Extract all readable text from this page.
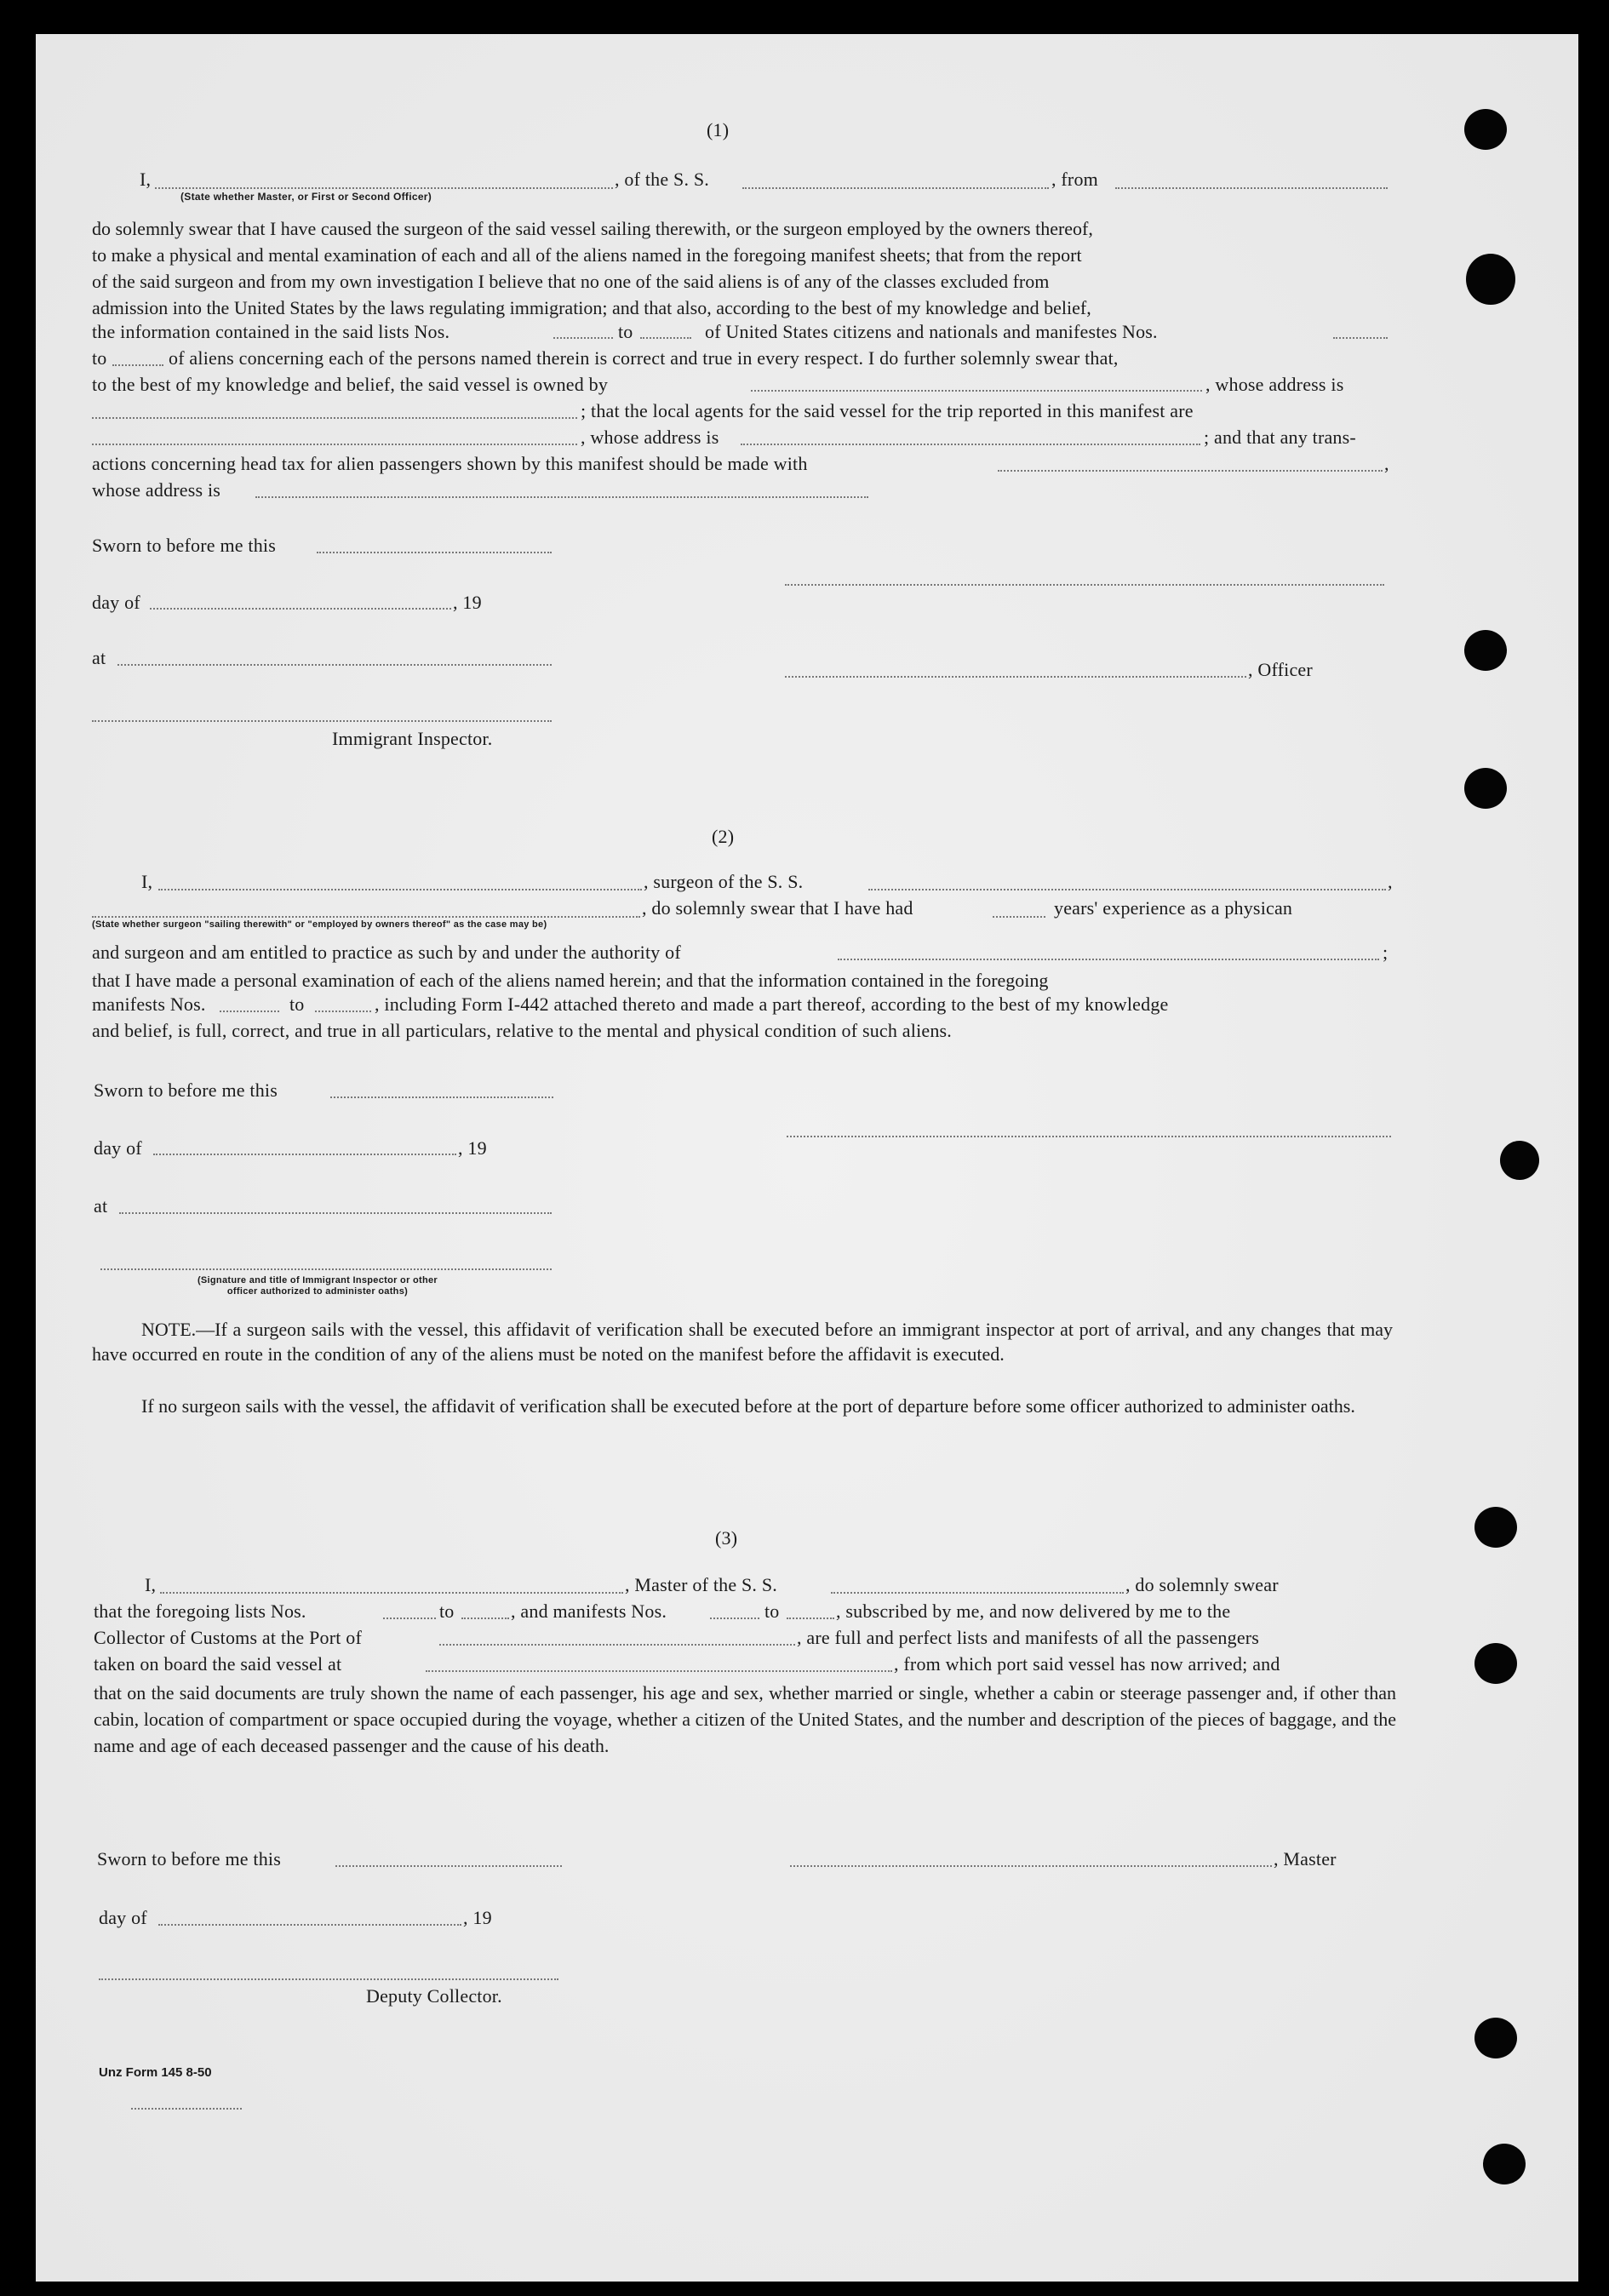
(1)
I,	, of the S. S.	, from
(State whether Master, or First or Second Officer)
do solemnly swear that I have caused the surgeon of the said vessel sailing therewith, or the surgeon employed by the owners thereof,
to make a physical and mental examination of each and all of the aliens named in the foregoing manifest sheets; that from the report
of the said surgeon and from my own investigation I believe that no one of the said aliens is of any of the classes excluded from
admission into the United States by the laws regulating immigration; and that also, according to the best of my knowledge and belief,
the information contained in the said lists Nos.	to	of United States citizens and nationals and manifestes Nos.
to	of aliens concerning each of the persons named therein is correct and true in every respect. I do further solemnly swear that,
to the best of my knowledge and belief, the said vessel is owned by	, whose address is
; that the local agents for the said vessel for the trip reported in this manifest are
, whose address is	; and that any trans-
actions concerning head tax for alien passengers shown by this manifest should be made with	,
whose address is
Sworn to before me this
day of	, 19
at
, Officer
Immigrant Inspector.
(2)
I,	, surgeon of the S. S.	,
, do solemnly swear that I have had	years' experience as a physican
(State whether surgeon "sailing therewith" or "employed by owners thereof" as the case may be)
and surgeon and am entitled to practice as such by and under the authority of	;
that I have made a personal examination of each of the aliens named herein; and that the information contained in the foregoing
manifests Nos.	to	, including Form I-442 attached thereto and made a part thereof, according to the best of my knowledge
and belief, is full, correct, and true in all particulars, relative to the mental and physical condition of such aliens.
Sworn to before me this
day of	, 19
at
(Signature and title of Immigrant Inspector or other
officer authorized to administer oaths)
NOTE.—If a surgeon sails with the vessel, this affidavit of verification shall be executed before an immigrant inspector at port of arrival, and any changes that may have occurred en route in the condition of any of the aliens must be noted on the manifest before the affidavit is executed.
If no surgeon sails with the vessel, the affidavit of verification shall be executed before at the port of departure before some officer authorized to administer oaths.
(3)
I,	, Master of the S. S.	, do solemnly swear
that the foregoing lists Nos.	to	, and manifests Nos.	to	, subscribed by me, and now delivered by me to the
Collector of Customs at the Port of	, are full and perfect lists and manifests of all the passengers
taken on board the said vessel at	, from which port said vessel has now arrived; and
that on the said documents are truly shown the name of each passenger, his age and sex, whether married or single, whether a cabin or steerage passenger and, if other than cabin, location of compartment or space occupied during the voyage, whether a citizen of the United States, and the number and description of the pieces of baggage, and the name and age of each deceased passenger and the cause of his death.
Sworn to before me this	, Master
day of	, 19
Deputy Collector.
Unz Form 145 8-50
